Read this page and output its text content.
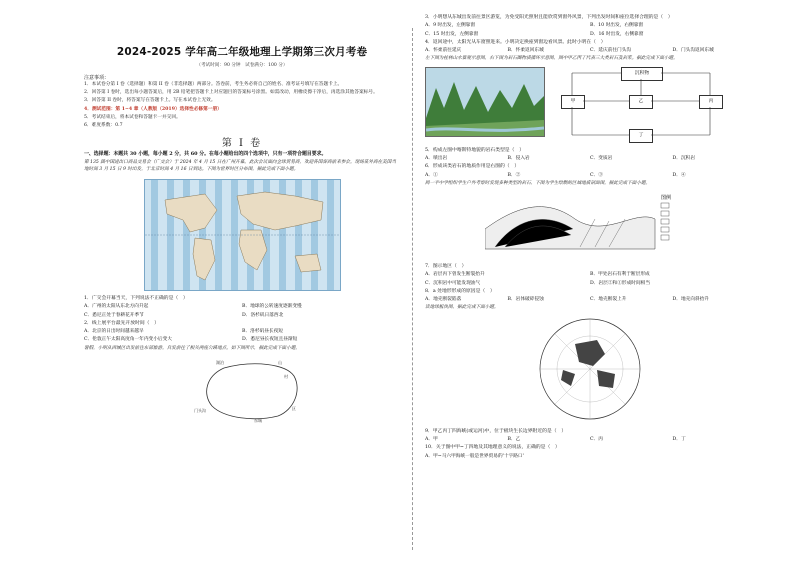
2024-2025 学年高二年级地理上学期第三次月考卷
（考试时间：90 分钟　试卷满分：100 分）
注意事项：
1．本试卷分第 I 卷（选择题）和第 II 卷（非选择题）两部分。答卷前，考生务必将自己的姓名、准考证号填写在答题卡上。
2．回答第 I 卷时，选出每小题答案后，用 2B 铅笔把答题卡上对应题目的答案标号涂黑。如需改动，用橡皮擦干净后，再选涂其他答案标号。
3．回答第 II 卷时，将答案写在答题卡上。写在本试卷上无效。
4．测试范围：第 1~4 章（人教版（2019）选择性必修第一册）
5．考试结束后，将本试卷和答题卡一并交回。
6．难度系数：0.7
第 I 卷
一、选择题：本题共 30 小题，每小题 2 分，共 60 分。在每小题给出的四个选项中，只有一项符合题目要求。
第 135 届中国进出口商品交易会（广交会）于 2024 年 4 月 15 日在广州开幕。此次会议面向全球贸易商，欢迎各国客商前来参会。现场某外商在美国当地时间 3 月 15 日 9 时出发，于北京时间 4 月 16 日到达。下图为世界时区分布图。据此完成下面小题。
1．广交会开幕当天，下列说法不正确的是（　）
A．广州的太阳从东北方向升起	B．地球的公转速度逐渐变慢
C．悉尼正处于春耕花开季节	D．洛杉矶日落西北
2．线上展平台最先开放时间（　）
A．北京的日出时间越来越早	B．洛杉矶昼长夜短
C．伦敦正午太阳高度角一年内变小后变大	D．悉尼昼长夜短且昼渐短
暑假，小明从西城区出发前往东部旅游。自发前往了相关两座公路地点。如下图所示，据此完成下面小题。
湖泊	山
村
门头沟
东城
区
3．小明想从东城出发前往景区游览，为免受阳光照射且能欣赏到窗外风景，下列出发时间和座位选择合理的是（　）
A．9 时出发，左侧靠窗	B．10 时出发，右侧靠窗
C．15 时出发，左侧靠窗	D．16 时出发，右侧靠窗
4．返回途中，太阳光从车窗照进来。小明决定换座到窗边看风景。此时小明在（　）
A．怀柔前往延庆	B．怀柔返回东城	C．延庆前往门头沟	D．门头沟返回东城
左下图为桂林山水景观示意图，右下图为岩石圈物质循环示意图，图中甲乙丙丁代表三大类岩石及岩浆。据此完成下面小题。
沉积物
甲	乙	丙
丁
5．构成左图中喀斯特地貌的岩石类型是（　）
A．喷出岩	B．侵入岩	C．变质岩	D．沉积岩
6．形成该类岩石的地质作用是右图的（　）
A．①	B．②	C．③	D．④
岡一平中学组织学生户外考察时发现多种类型的岩石，下图为学生绘制的区域地质剖面图。据此完成下面小题。
图例
7．图示地区（　）
A．岩层丙下曾发生断裂抬升	B．甲处岩石有利于断层形成
C．沉积岩中可能发现油气	D．岩层②和①形成时间相当
8．a 处地形形成的原因是（　）
A．地壳断裂陷落	B．岩体破碎侵蚀	C．地壳断裂上升	D．地壳向斜抬升
读地球板块图，据此完成下面小题。
9．甲乙丙丁四海峡(或运河)中，位于板块生长边界附近的是（　）
A．甲	B．乙	C．丙	D．丁
10．关于图中甲~丁四地及其地理意义的说法，正确的是（　）
A．甲~马六甲海峡一般是世界贸易的'十字路口'
